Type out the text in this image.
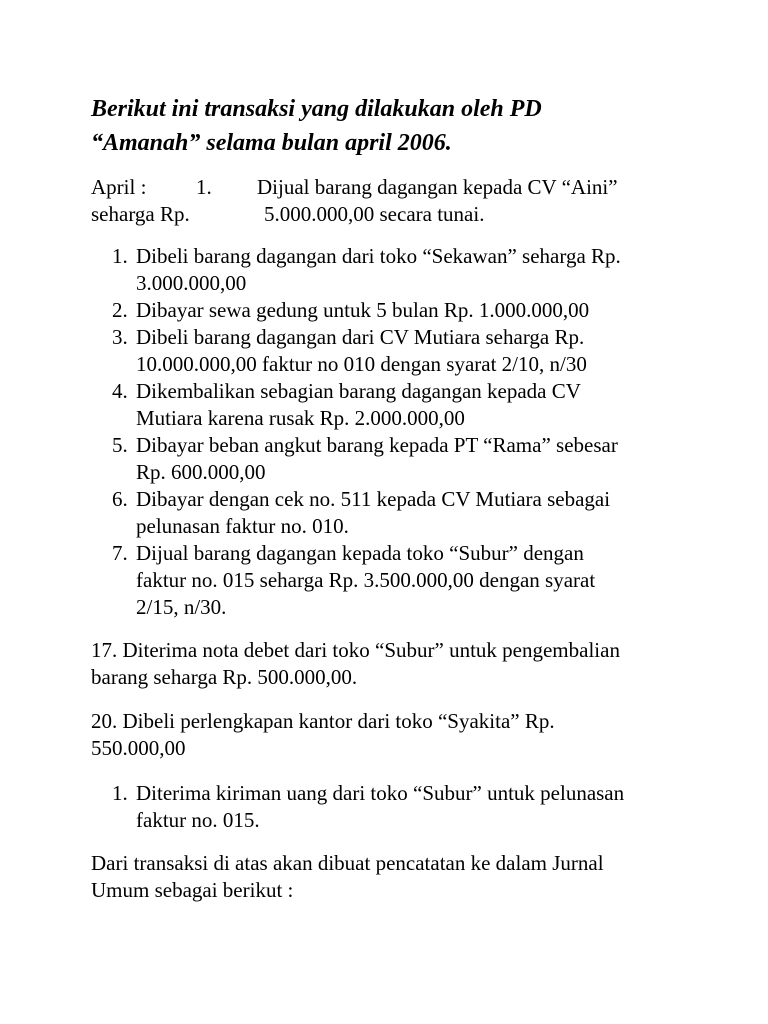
Berikut ini transaksi yang dilakukan oleh PD
“Amanah” selama bulan april 2006.
April : 1. Dijual barang dagangan kepada CV “Aini”
seharga Rp.	5.000.000,00 secara tunai.
1. Dibeli barang dagangan dari toko “Sekawan” seharga Rp.
3.000.000,00
2. Dibayar sewa gedung untuk 5 bulan Rp. 1.000.000,00
3. Dibeli barang dagangan dari CV Mutiara seharga Rp.
10.000.000,00 faktur no 010 dengan syarat 2/10, n/30
4. Dikembalikan sebagian barang dagangan kepada CV
Mutiara karena rusak Rp. 2.000.000,00
5. Dibayar beban angkut barang kepada PT “Rama” sebesar
Rp. 600.000,00
6. Dibayar dengan cek no. 511 kepada CV Mutiara sebagai
pelunasan faktur no. 010.
7. Dijual barang dagangan kepada toko “Subur” dengan
faktur no. 015 seharga Rp. 3.500.000,00 dengan syarat
2/15, n/30.
17. Diterima nota debet dari toko “Subur” untuk pengembalian
barang seharga Rp. 500.000,00.
20. Dibeli perlengkapan kantor dari toko “Syakita” Rp.
550.000,00
1. Diterima kiriman uang dari toko “Subur” untuk pelunasan
faktur no. 015.
Dari transaksi di atas akan dibuat pencatatan ke dalam Jurnal
Umum sebagai berikut :
